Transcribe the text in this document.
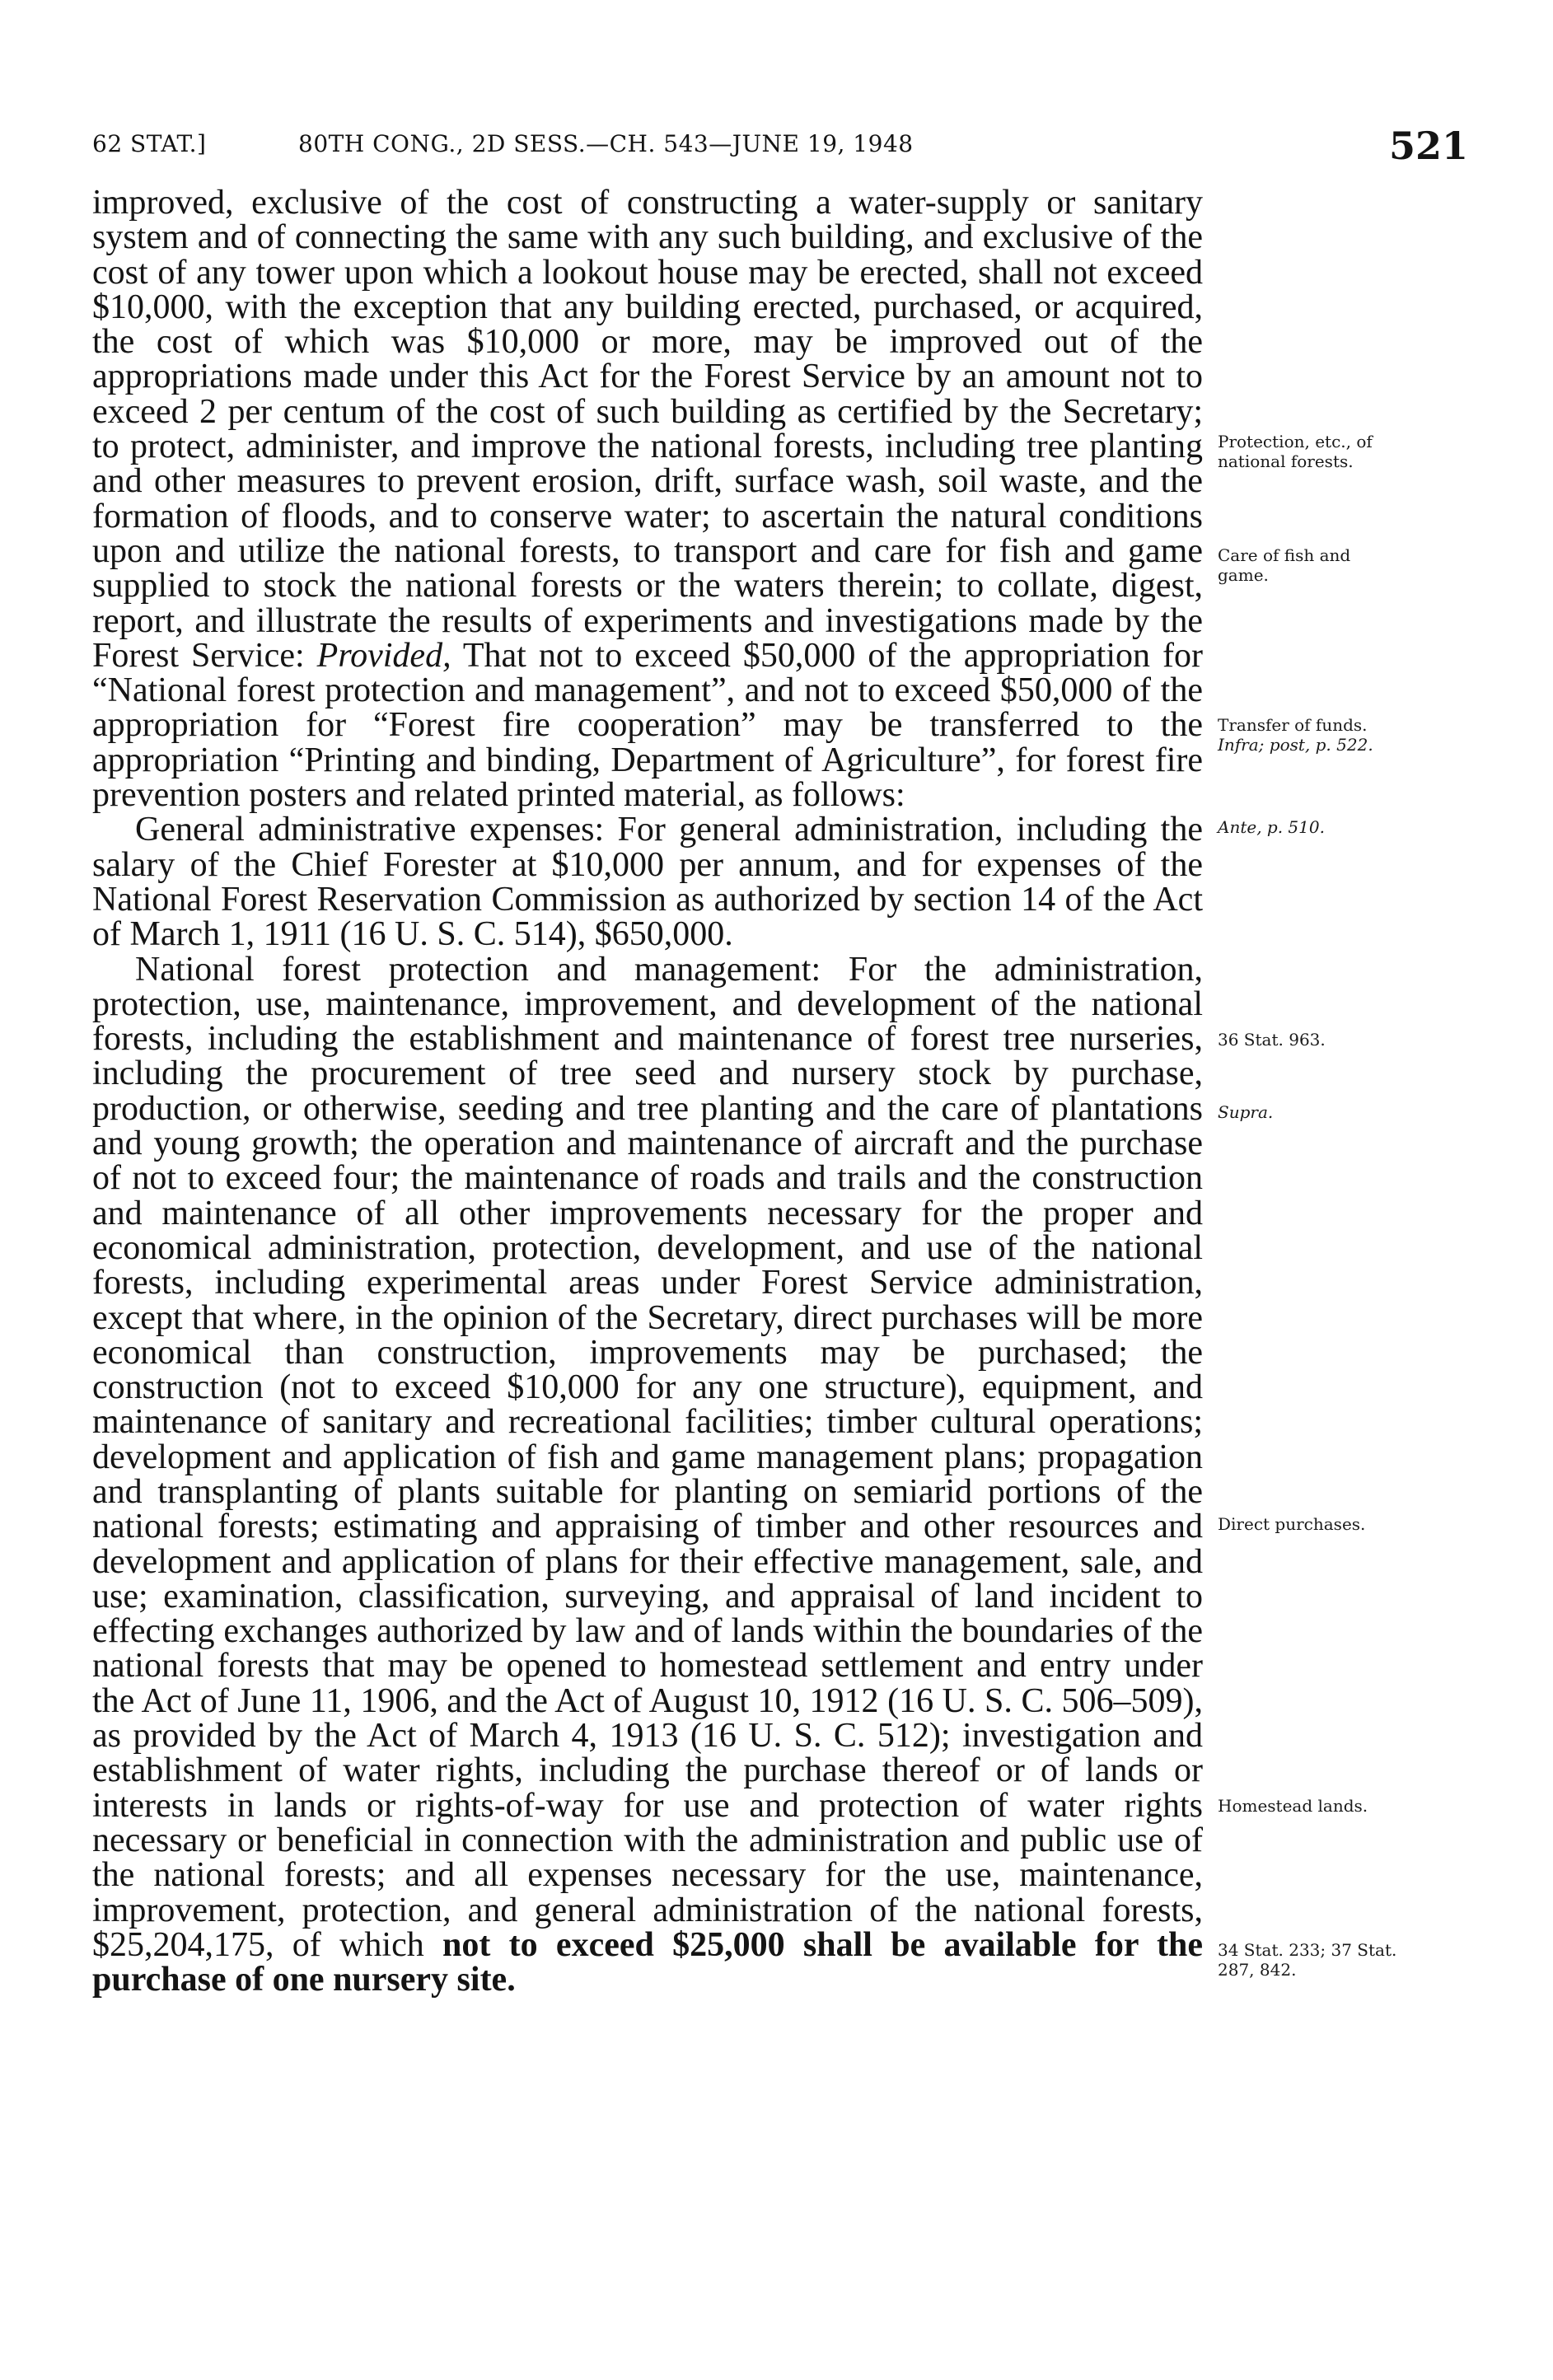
62 STAT.]	80TH CONG., 2D SESS.—CH. 543—JUNE 19, 1948	521

improved, exclusive of the cost of constructing a water-supply or sanitary system and of connecting the same with any such building, and exclusive of the cost of any tower upon which a lookout house may be erected, shall not exceed $10,000, with the exception that any building erected, purchased, or acquired, the cost of which was $10,000 or more, may be improved out of the appropriations made under this Act for the Forest Service by an amount not to exceed 2 per centum of the cost of such building as certified by the Secretary; to protect, administer, and improve the national forests, including tree planting and other measures to prevent erosion, drift, surface wash, soil waste, and the formation of floods, and to conserve water; to ascertain the natural conditions upon and utilize the national forests, to transport and care for fish and game supplied to stock the national forests or the waters therein; to collate, digest, report, and illustrate the results of experiments and investigations made by the Forest Service: Provided, That not to exceed $50,000 of the appropriation for “National forest protection and management”, and not to exceed $50,000 of the appropriation for “Forest fire cooperation” may be transferred to the appropriation “Printing and binding, Department of Agriculture”, for forest fire prevention posters and related printed material, as follows:

General administrative expenses: For general administration, including the salary of the Chief Forester at $10,000 per annum, and for expenses of the National Forest Reservation Commission as authorized by section 14 of the Act of March 1, 1911 (16 U. S. C. 514), $650,000.

National forest protection and management: For the administration, protection, use, maintenance, improvement, and development of the national forests, including the establishment and maintenance of forest tree nurseries, including the procurement of tree seed and nursery stock by purchase, production, or otherwise, seeding and tree planting and the care of plantations and young growth; the operation and maintenance of aircraft and the purchase of not to exceed four; the maintenance of roads and trails and the construction and maintenance of all other improvements necessary for the proper and economical administration, protection, development, and use of the national forests, including experimental areas under Forest Service administration, except that where, in the opinion of the Secretary, direct purchases will be more economical than construction, improvements may be purchased; the construction (not to exceed $10,000 for any one structure), equipment, and maintenance of sanitary and recreational facilities; timber cultural operations; development and application of fish and game management plans; propagation and transplanting of plants suitable for planting on semiarid portions of the national forests; estimating and appraising of timber and other resources and development and application of plans for their effective management, sale, and use; examination, classification, surveying, and appraisal of land incident to effecting exchanges authorized by law and of lands within the boundaries of the national forests that may be opened to homestead settlement and entry under the Act of June 11, 1906, and the Act of August 10, 1912 (16 U. S. C. 506–509), as provided by the Act of March 4, 1913 (16 U. S. C. 512); investigation and establishment of water rights, including the purchase thereof or of lands or interests in lands or rights-of-way for use and protection of water rights necessary or beneficial in connection with the administration and public use of the national forests; and all expenses necessary for the use, maintenance, improvement, protection, and general administration of the national forests, $25,204,175, of which not to exceed $25,000 shall be available for the purchase of one nursery site.

Protection, etc., of
national forests.
Care of fish and
game.
Transfer of funds.
Infra; post, p. 522.
Ante, p. 510.
36 Stat. 963.
Supra.
Direct purchases.
Homestead lands.
34 Stat. 233; 37 Stat.
287, 842.
